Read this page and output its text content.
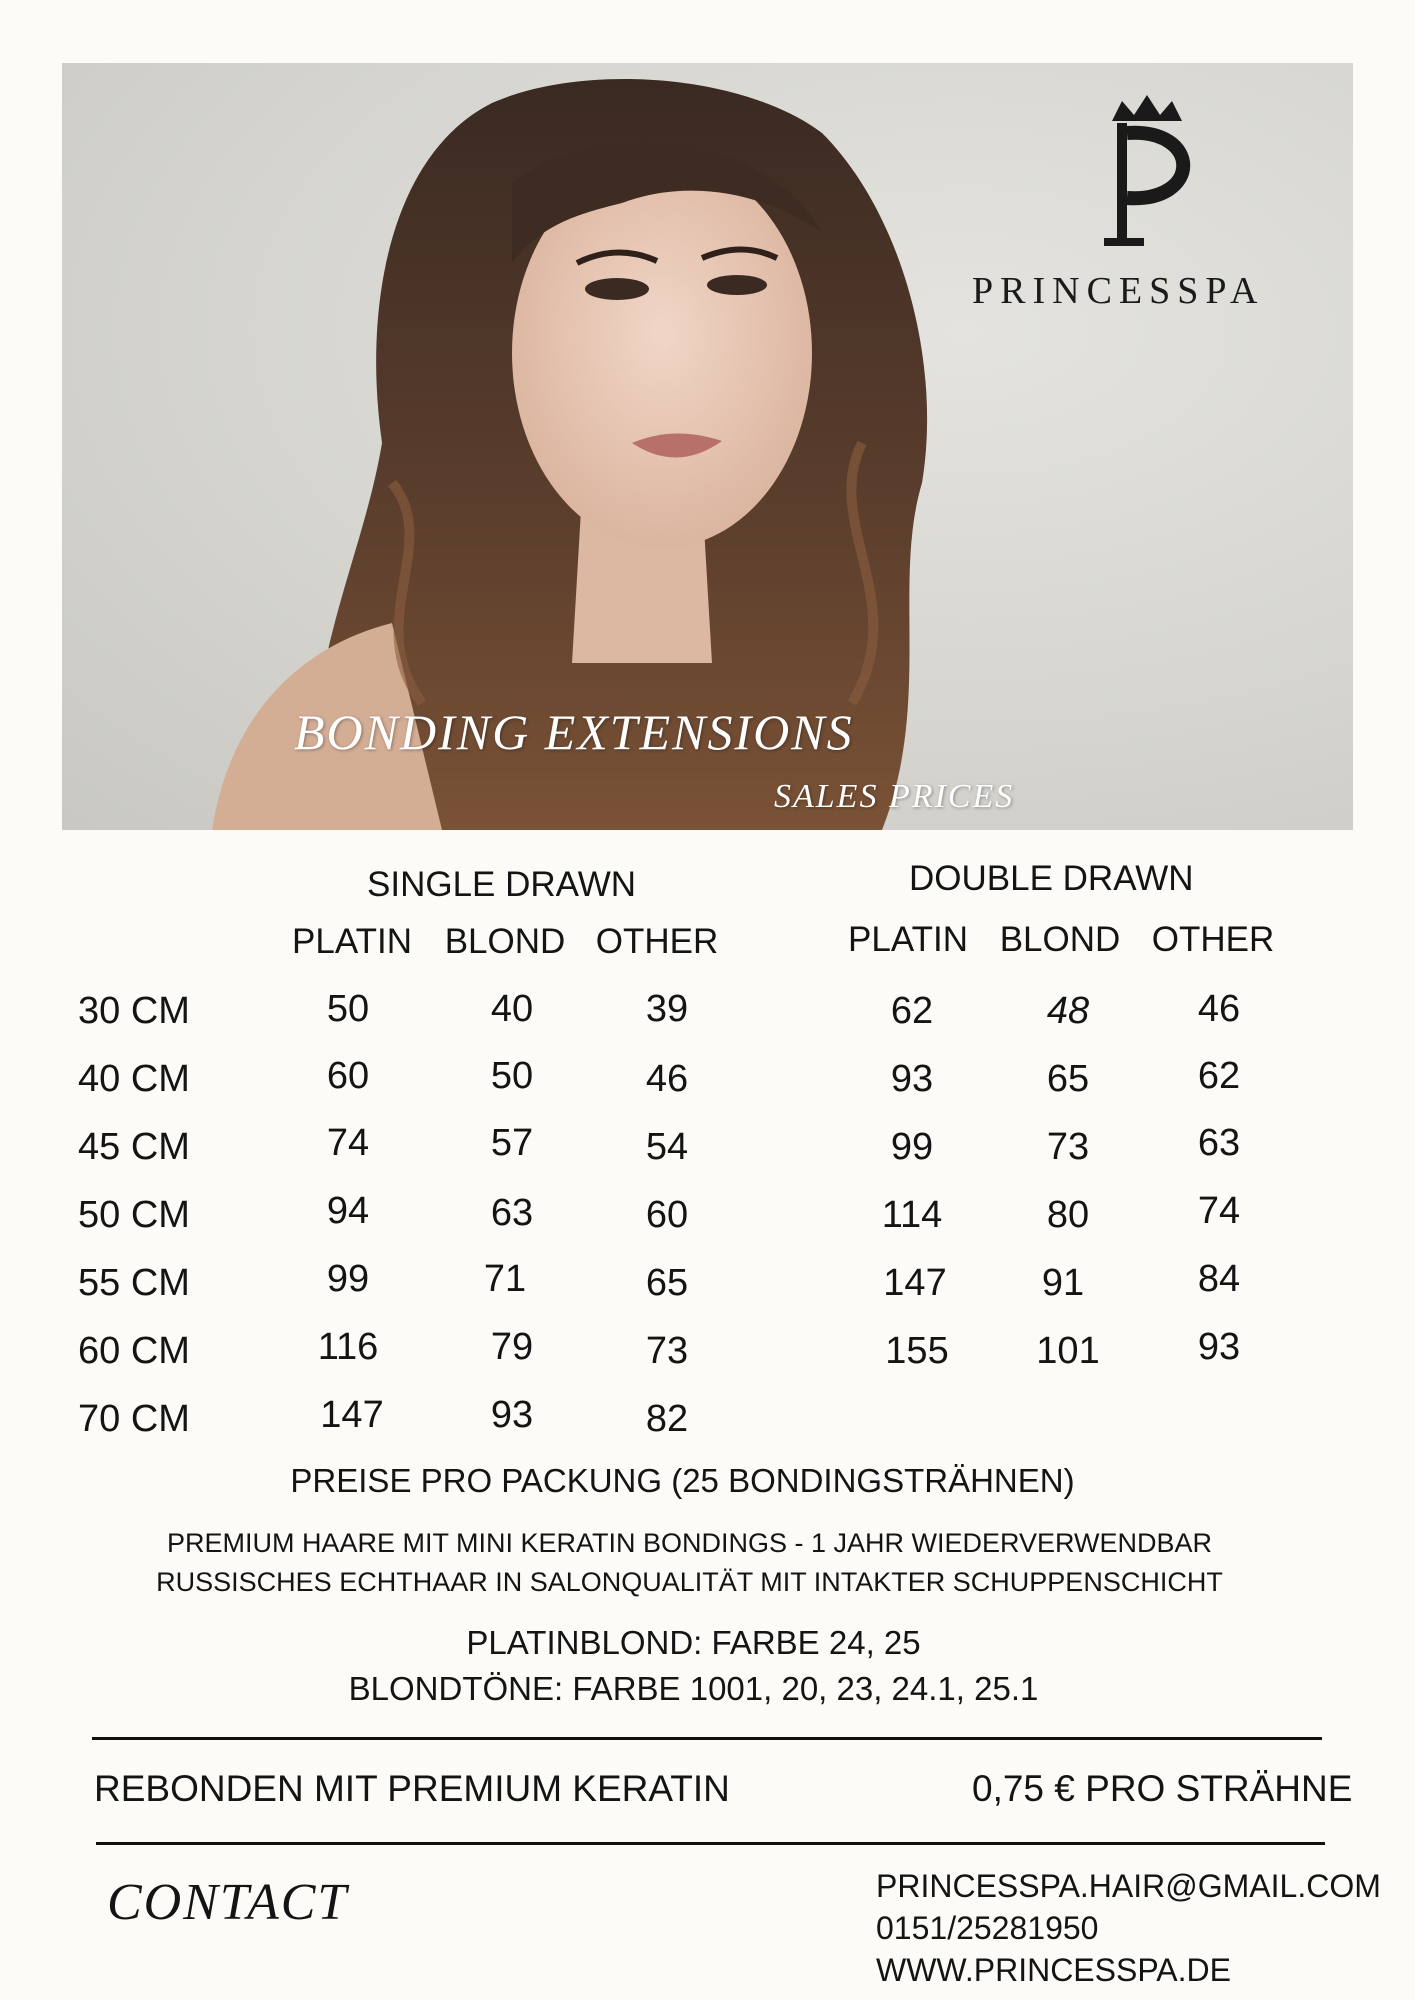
PRINCESSPA
BONDING EXTENSIONS
SALES PRICES
SINGLE DRAWN	DOUBLE DRAWN
PLATIN BLOND OTHER	PLATIN BLOND OTHER
30 CM	50	40	39	62	48	46
40 CM	60	50	46	93	65	62
45 CM	74	57	54	99	73	63
50 CM	94	63	60	114	80	74
55 CM	99	71	65	147	91	84
60 CM	116	79	73	155	101	93
70 CM	147	93	82
PREISE PRO PACKUNG (25 BONDINGSTRÄHNEN)
PREMIUM HAARE MIT MINI KERATIN BONDINGS - 1 JAHR WIEDERVERWENDBAR
RUSSISCHES ECHTHAAR IN SALONQUALITÄT MIT INTAKTER SCHUPPENSCHICHT
PLATINBLOND: FARBE 24, 25
BLONDTÖNE: FARBE 1001, 20, 23, 24.1, 25.1
REBONDEN MIT PREMIUM KERATIN	0,75 € PRO STRÄHNE
CONTACT	PRINCESSPA.HAIR@GMAIL.COM
0151/25281950
WWW.PRINCESSPA.DE
